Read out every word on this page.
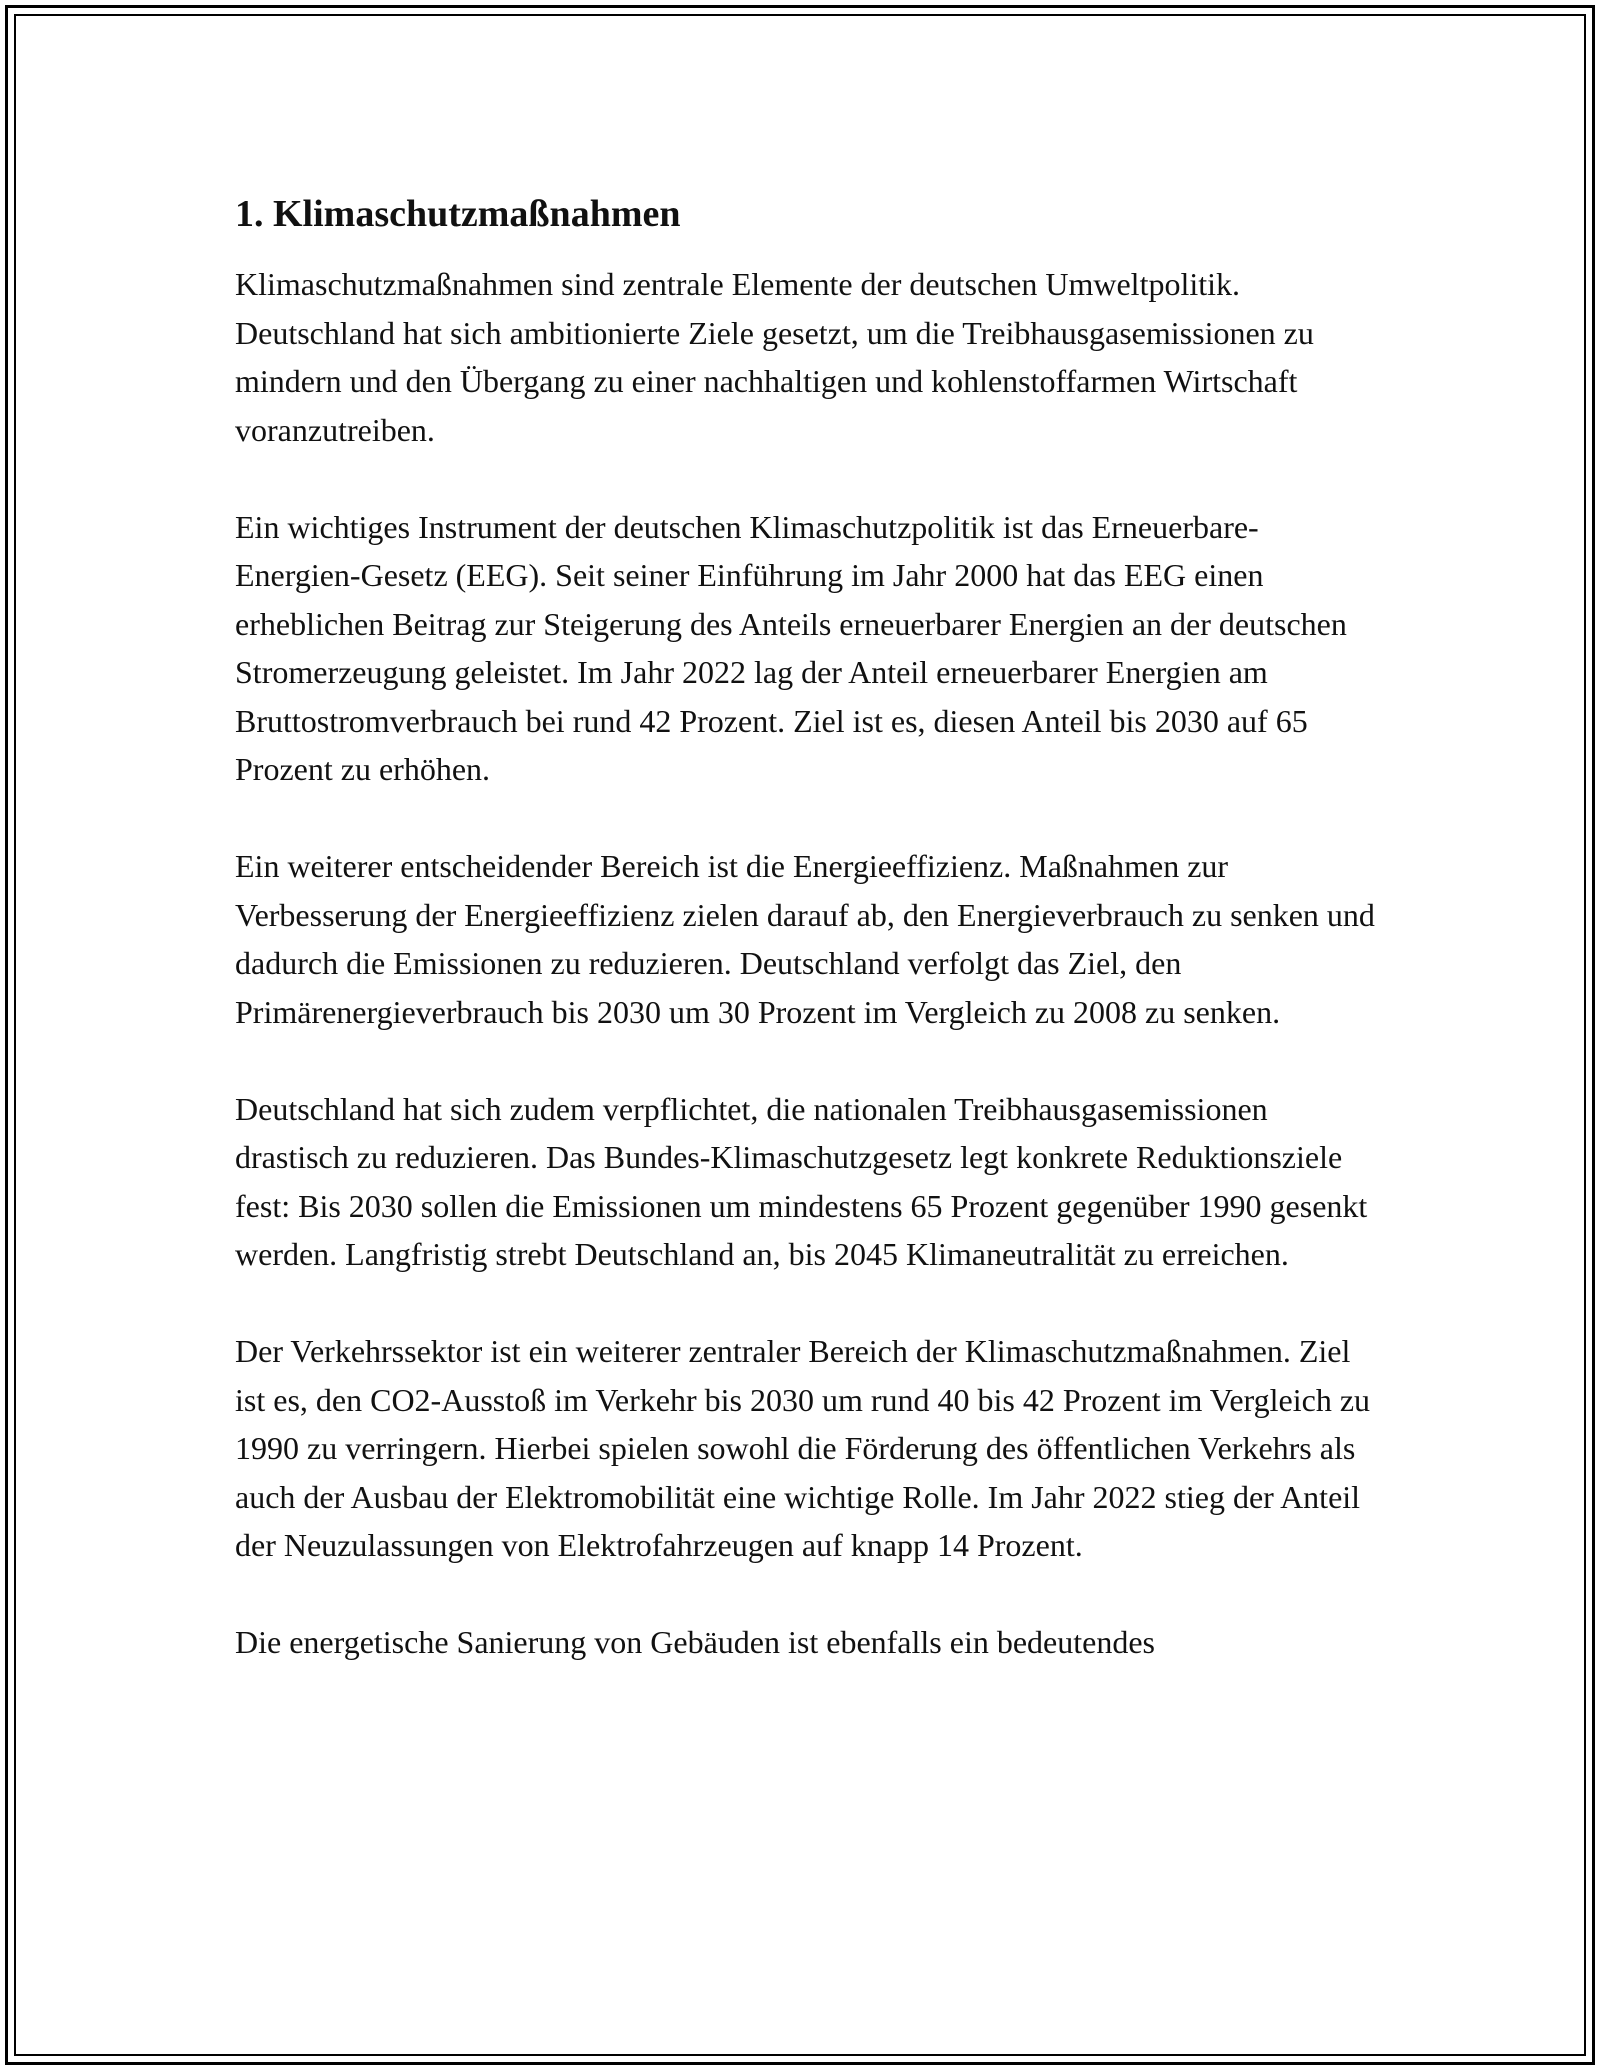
1. Klimaschutzmaßnahmen

Klimaschutzmaßnahmen sind zentrale Elemente der deutschen Umweltpolitik. Deutschland hat sich ambitionierte Ziele gesetzt, um die Treibhausgasemissionen zu mindern und den Übergang zu einer nachhaltigen und kohlenstoffarmen Wirtschaft voranzutreiben.

Ein wichtiges Instrument der deutschen Klimaschutzpolitik ist das Erneuerbare-Energien-Gesetz (EEG). Seit seiner Einführung im Jahr 2000 hat das EEG einen erheblichen Beitrag zur Steigerung des Anteils erneuerbarer Energien an der deutschen Stromerzeugung geleistet. Im Jahr 2022 lag der Anteil erneuerbarer Energien am Bruttostromverbrauch bei rund 42 Prozent. Ziel ist es, diesen Anteil bis 2030 auf 65 Prozent zu erhöhen.

Ein weiterer entscheidender Bereich ist die Energieeffizienz. Maßnahmen zur Verbesserung der Energieeffizienz zielen darauf ab, den Energieverbrauch zu senken und dadurch die Emissionen zu reduzieren. Deutschland verfolgt das Ziel, den Primärenergieverbrauch bis 2030 um 30 Prozent im Vergleich zu 2008 zu senken.

Deutschland hat sich zudem verpflichtet, die nationalen Treibhausgasemissionen drastisch zu reduzieren. Das Bundes-Klimaschutzgesetz legt konkrete Reduktionsziele fest: Bis 2030 sollen die Emissionen um mindestens 65 Prozent gegenüber 1990 gesenkt werden. Langfristig strebt Deutschland an, bis 2045 Klimaneutralität zu erreichen.

Der Verkehrssektor ist ein weiterer zentraler Bereich der Klimaschutzmaßnahmen. Ziel ist es, den CO2-Ausstoß im Verkehr bis 2030 um rund 40 bis 42 Prozent im Vergleich zu 1990 zu verringern. Hierbei spielen sowohl die Förderung des öffentlichen Verkehrs als auch der Ausbau der Elektromobilität eine wichtige Rolle. Im Jahr 2022 stieg der Anteil der Neuzulassungen von Elektrofahrzeugen auf knapp 14 Prozent.

Die energetische Sanierung von Gebäuden ist ebenfalls ein bedeutendes
